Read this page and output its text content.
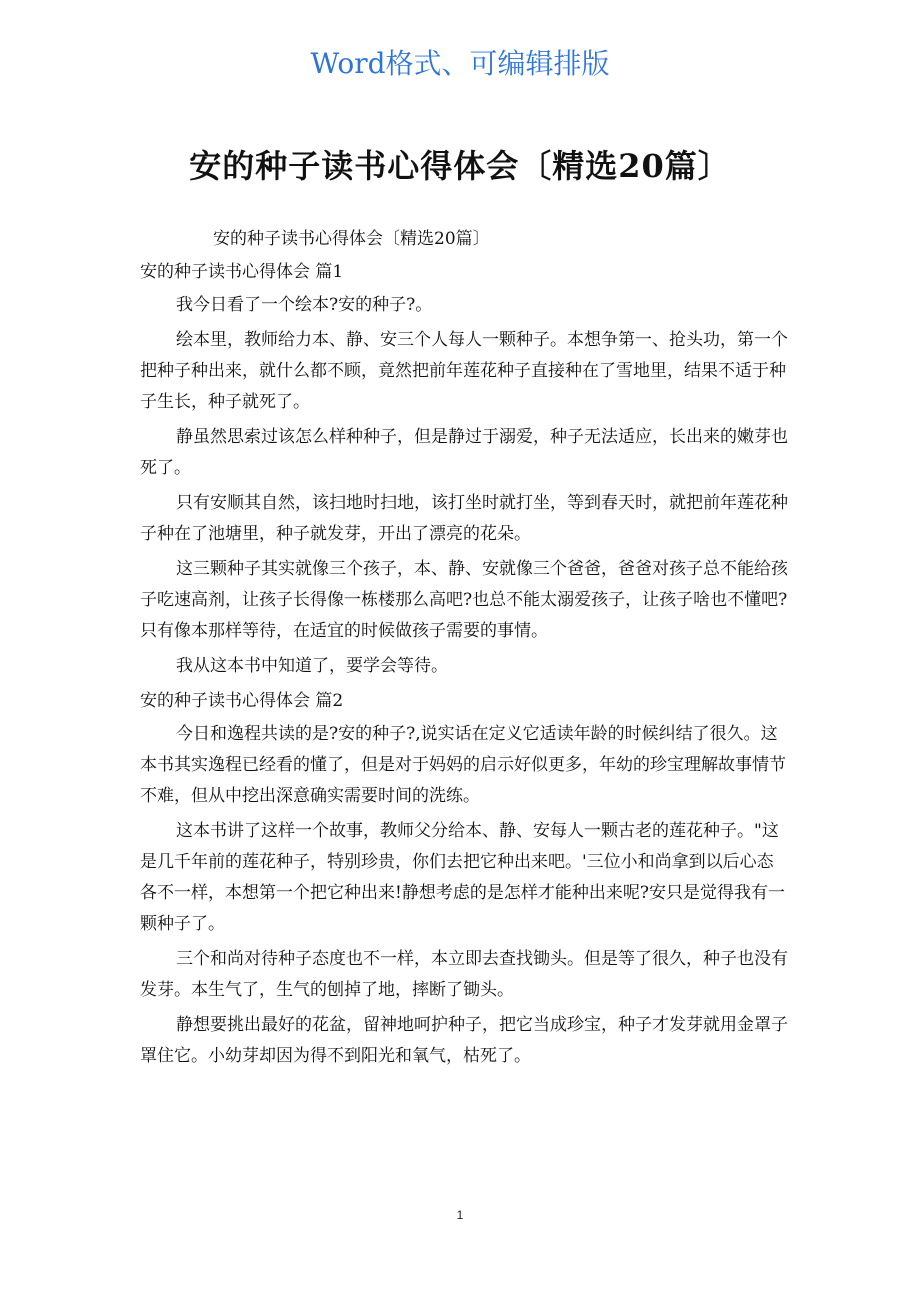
Word格式、可编辑排版
安的种子读书心得体会〔精选20篇〕

安的种子读书心得体会〔精选20篇〕

安的种子读书心得体会 篇1

我今日看了一个绘本?安的种子?。

绘本里，教师给力本、静、安三个人每人一颗种子。本想争第一、抢头功，第一个把种子种出来，就什么都不顾，竟然把前年莲花种子直接种在了雪地里，结果不适于种子生长，种子就死了。

静虽然思索过该怎么样种种子，但是静过于溺爱，种子无法适应，长出来的嫩芽也死了。

只有安顺其自然，该扫地时扫地，该打坐时就打坐，等到春天时，就把前年莲花种子种在了池塘里，种子就发芽，开出了漂亮的花朵。

这三颗种子其实就像三个孩子，本、静、安就像三个爸爸，爸爸对孩子总不能给孩子吃速高剂，让孩子长得像一栋楼那么高吧?也总不能太溺爱孩子，让孩子啥也不懂吧?只有像本那样等待，在适宜的时候做孩子需要的事情。

我从这本书中知道了，要学会等待。

安的种子读书心得体会 篇2

今日和逸程共读的是?安的种子?,说实话在定义它适读年龄的时候纠结了很久。这本书其实逸程已经看的懂了，但是对于妈妈的启示好似更多，年幼的珍宝理解故事情节不难，但从中挖出深意确实需要时间的洗练。

这本书讲了这样一个故事，教师父分给本、静、安每人一颗古老的莲花种子。"这是几千年前的莲花种子，特别珍贵，你们去把它种出来吧。'三位小和尚拿到以后心态各不一样，本想第一个把它种出来!静想考虑的是怎样才能种出来呢?安只是觉得我有一颗种子了。

三个和尚对待种子态度也不一样，本立即去查找锄头。但是等了很久，种子也没有发芽。本生气了，生气的刨掉了地，摔断了锄头。

静想要挑出最好的花盆，留神地呵护种子，把它当成珍宝，种子才发芽就用金罩子罩住它。小幼芽却因为得不到阳光和氧气，枯死了。

1
